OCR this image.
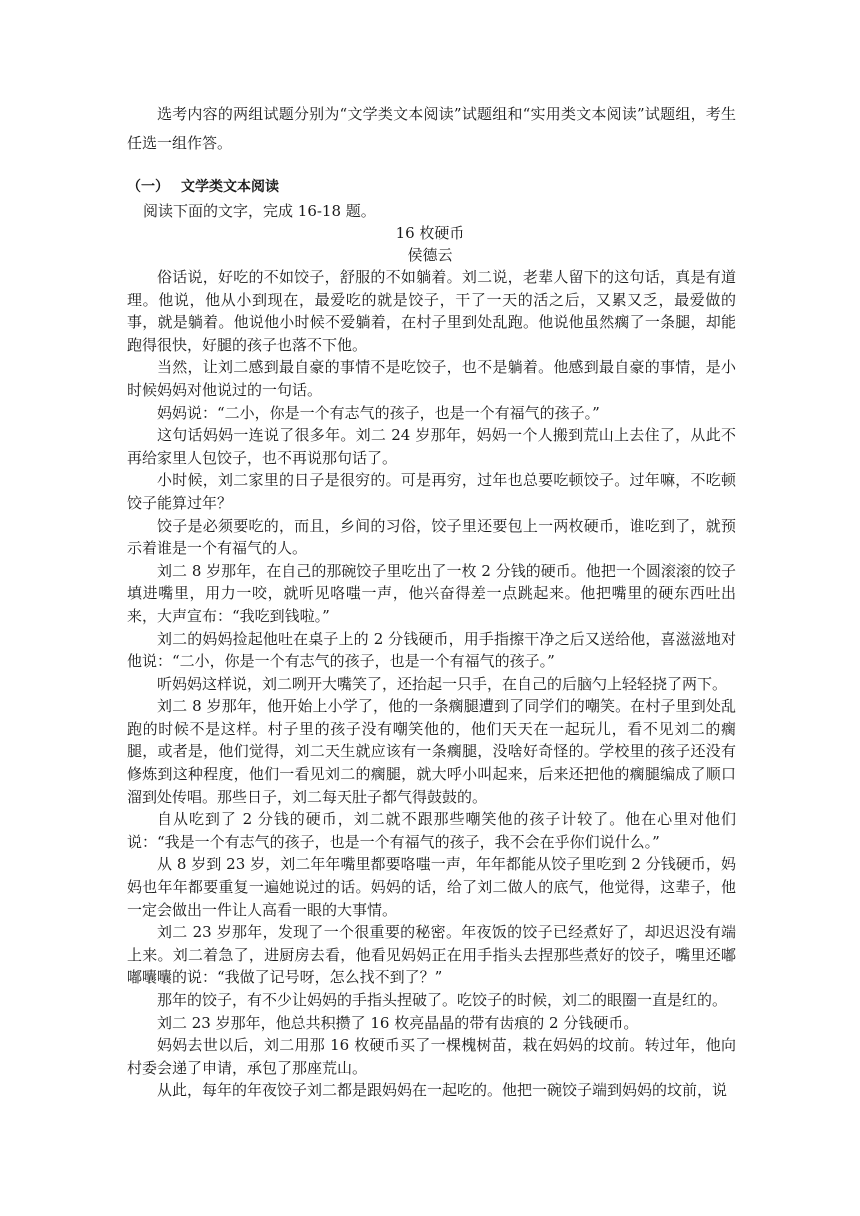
选考内容的两组试题分别为“文学类文本阅读”试题组和“实用类文本阅读”试题组，考生任选一组作答。

（一） 文学类文本阅读

阅读下面的文字，完成 16-18 题。

16 枚硬币

侯德云

俗话说，好吃的不如饺子，舒服的不如躺着。刘二说，老辈人留下的这句话，真是有道理。他说，他从小到现在，最爱吃的就是饺子，干了一天的活之后，又累又乏，最爱做的事，就是躺着。他说他小时候不爱躺着，在村子里到处乱跑。他说他虽然瘸了一条腿，却能跑得很快，好腿的孩子也落不下他。

当然，让刘二感到最自豪的事情不是吃饺子，也不是躺着。他感到最自豪的事情，是小时候妈妈对他说过的一句话。

妈妈说：“二小，你是一个有志气的孩子，也是一个有福气的孩子。”

这句话妈妈一连说了很多年。刘二 24 岁那年，妈妈一个人搬到荒山上去住了，从此不再给家里人包饺子，也不再说那句话了。

小时候，刘二家里的日子是很穷的。可是再穷，过年也总要吃顿饺子。过年嘛，不吃顿饺子能算过年？

饺子是必须要吃的，而且，乡间的习俗，饺子里还要包上一两枚硬币，谁吃到了，就预示着谁是一个有福气的人。

刘二 8 岁那年，在自己的那碗饺子里吃出了一枚 2 分钱的硬币。他把一个圆滚滚的饺子填进嘴里，用力一咬，就听见咯嗤一声，他兴奋得差一点跳起来。他把嘴里的硬东西吐出来，大声宣布：“我吃到钱啦。”

刘二的妈妈捡起他吐在桌子上的 2 分钱硬币，用手指擦干净之后又送给他，喜滋滋地对他说：“二小，你是一个有志气的孩子，也是一个有福气的孩子。”

听妈妈这样说，刘二咧开大嘴笑了，还抬起一只手，在自己的后脑勺上轻轻挠了两下。

刘二 8 岁那年，他开始上小学了，他的一条瘸腿遭到了同学们的嘲笑。在村子里到处乱跑的时候不是这样。村子里的孩子没有嘲笑他的，他们天天在一起玩儿，看不见刘二的瘸腿，或者是，他们觉得，刘二天生就应该有一条瘸腿，没啥好奇怪的。学校里的孩子还没有修炼到这种程度，他们一看见刘二的瘸腿，就大呼小叫起来，后来还把他的瘸腿编成了顺口溜到处传唱。那些日子，刘二每天肚子都气得鼓鼓的。

自从吃到了 2 分钱的硬币，刘二就不跟那些嘲笑他的孩子计较了。他在心里对他们说：“我是一个有志气的孩子，也是一个有福气的孩子，我不会在乎你们说什么。”

从 8 岁到 23 岁，刘二年年嘴里都要咯嗤一声，年年都能从饺子里吃到 2 分钱硬币，妈妈也年年都要重复一遍她说过的话。妈妈的话，给了刘二做人的底气，他觉得，这辈子，他一定会做出一件让人高看一眼的大事情。

刘二 23 岁那年，发现了一个很重要的秘密。年夜饭的饺子已经煮好了，却迟迟没有端上来。刘二着急了，进厨房去看，他看见妈妈正在用手指头去捏那些煮好的饺子，嘴里还嘟嘟囔囔的说：“我做了记号呀，怎么找不到了？”

那年的饺子，有不少让妈妈的手指头捏破了。吃饺子的时候，刘二的眼圈一直是红的。

刘二 23 岁那年，他总共积攒了 16 枚亮晶晶的带有齿痕的 2 分钱硬币。

妈妈去世以后，刘二用那 16 枚硬币买了一棵槐树苗，栽在妈妈的坟前。转过年，他向村委会递了申请，承包了那座荒山。

从此，每年的年夜饺子刘二都是跟妈妈在一起吃的。他把一碗饺子端到妈妈的坟前，说
